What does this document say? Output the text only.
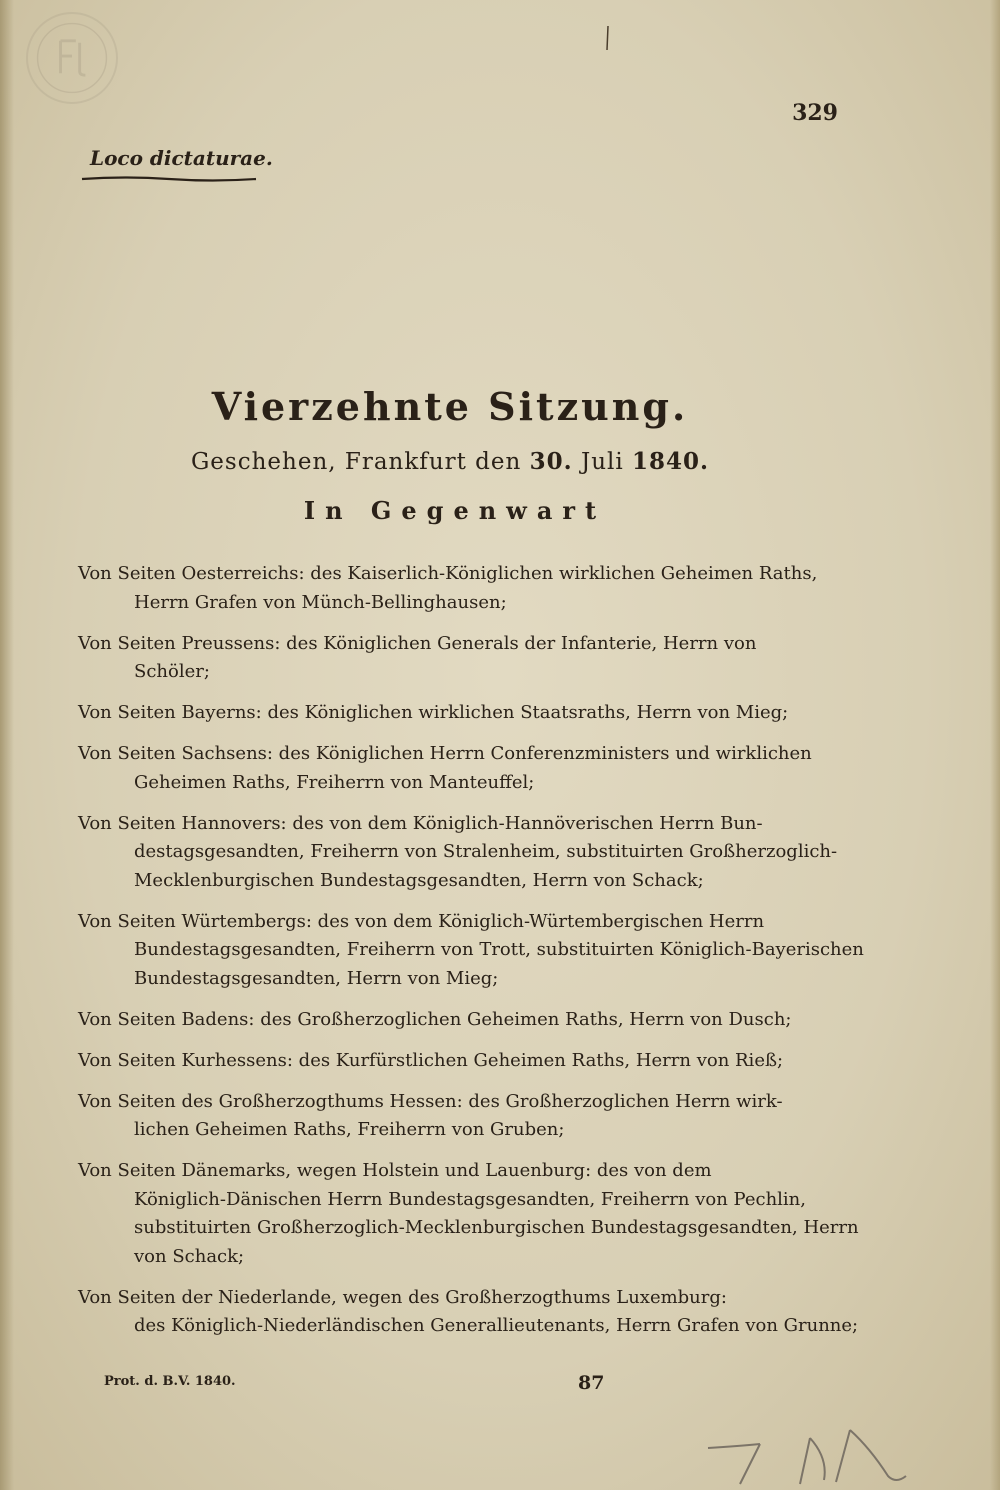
329
Loco dictaturae.
Vierzehnte Sitzung.
Geschehen, Frankfurt den 30. Juli 1840.
In Gegenwart
Von Seiten Oesterreichs: des Kaiserlich-Königlichen wirklichen Geheimen Raths,
Herrn Grafen von Münch-Bellinghausen;
Von Seiten Preussens: des Königlichen Generals der Infanterie, Herrn von
Schöler;
Von Seiten Bayerns: des Königlichen wirklichen Staatsraths, Herrn von Mieg;
Von Seiten Sachsens: des Königlichen Herrn Conferenzministers und wirklichen
Geheimen Raths, Freiherrn von Manteuffel;
Von Seiten Hannovers: des von dem Königlich-Hannöverischen Herrn Bun-
destagsgesandten, Freiherrn von Stralenheim, substituirten Großherzoglich-
Mecklenburgischen Bundestagsgesandten, Herrn von Schack;
Von Seiten Würtembergs: des von dem Königlich-Würtembergischen Herrn
Bundestagsgesandten, Freiherrn von Trott, substituirten Königlich-Bayerischen
Bundestagsgesandten, Herrn von Mieg;
Von Seiten Badens: des Großherzoglichen Geheimen Raths, Herrn von Dusch;
Von Seiten Kurhessens: des Kurfürstlichen Geheimen Raths, Herrn von Rieß;
Von Seiten des Großherzogthums Hessen: des Großherzoglichen Herrn wirk-
lichen Geheimen Raths, Freiherrn von Gruben;
Von Seiten Dänemarks, wegen Holstein und Lauenburg: des von dem
Königlich-Dänischen Herrn Bundestagsgesandten, Freiherrn von Pechlin,
substituirten Großherzoglich-Mecklenburgischen Bundestagsgesandten, Herrn
von Schack;
Von Seiten der Niederlande, wegen des Großherzogthums Luxemburg:
des Königlich-Niederländischen Generallieutenants, Herrn Grafen von Grunne;
Prot. d. B.V. 1840.	87
